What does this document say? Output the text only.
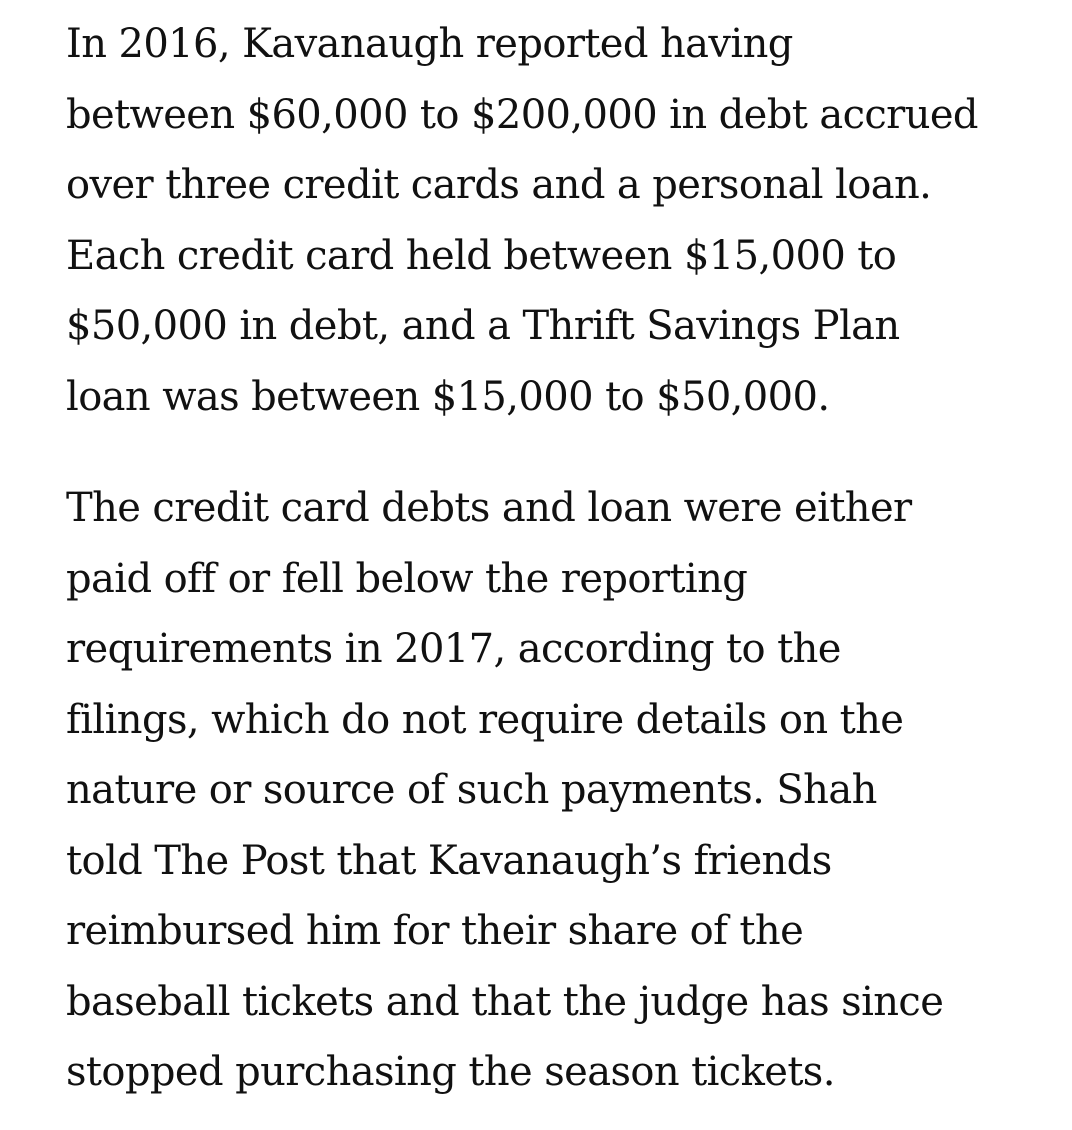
In 2016, Kavanaugh reported having
between $60,000 to $200,000 in debt accrued
over three credit cards and a personal loan.
Each credit card held between $15,000 to
$50,000 in debt, and a Thrift Savings Plan
loan was between $15,000 to $50,000.

The credit card debts and loan were either
paid off or fell below the reporting
requirements in 2017, according to the
filings, which do not require details on the
nature or source of such payments. Shah
told The Post that Kavanaugh’s friends
reimbursed him for their share of the
baseball tickets and that the judge has since
stopped purchasing the season tickets.
